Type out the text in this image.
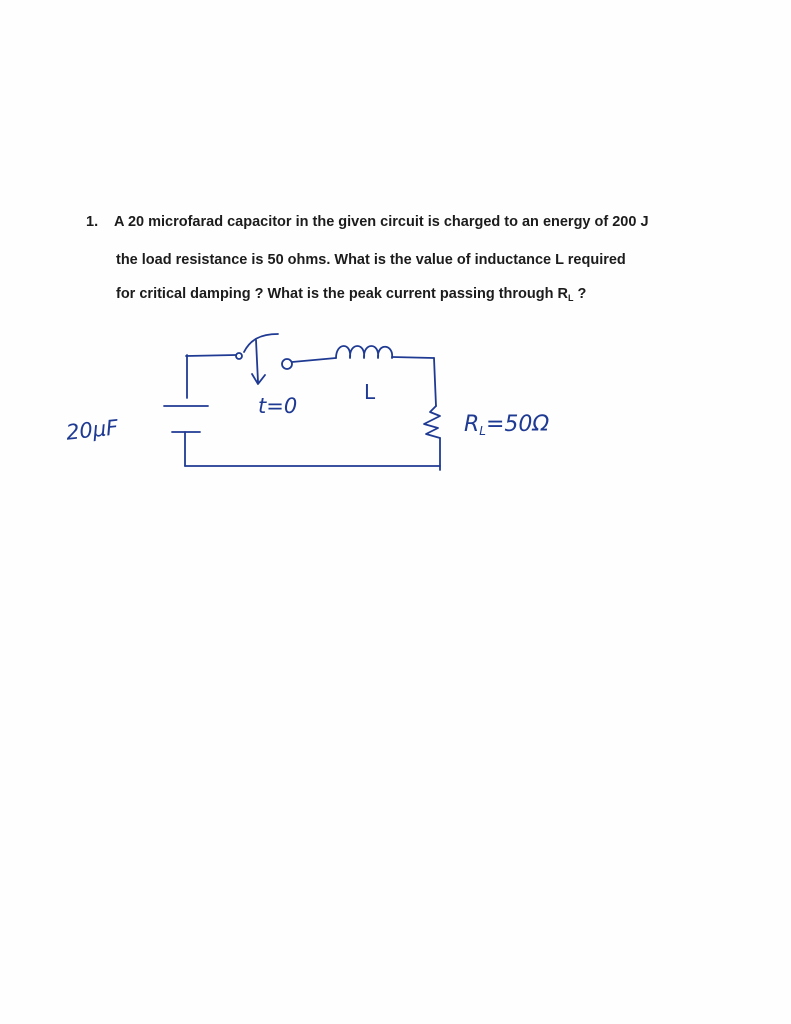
1. A 20 microfarad capacitor in the given circuit is charged to an energy of 200 J
the load resistance is 50 ohms. What is the value of inductance L required
for critical damping ? What is the peak current passing through $R_L$ ?
20μF
t=0
L
RL=50Ω
